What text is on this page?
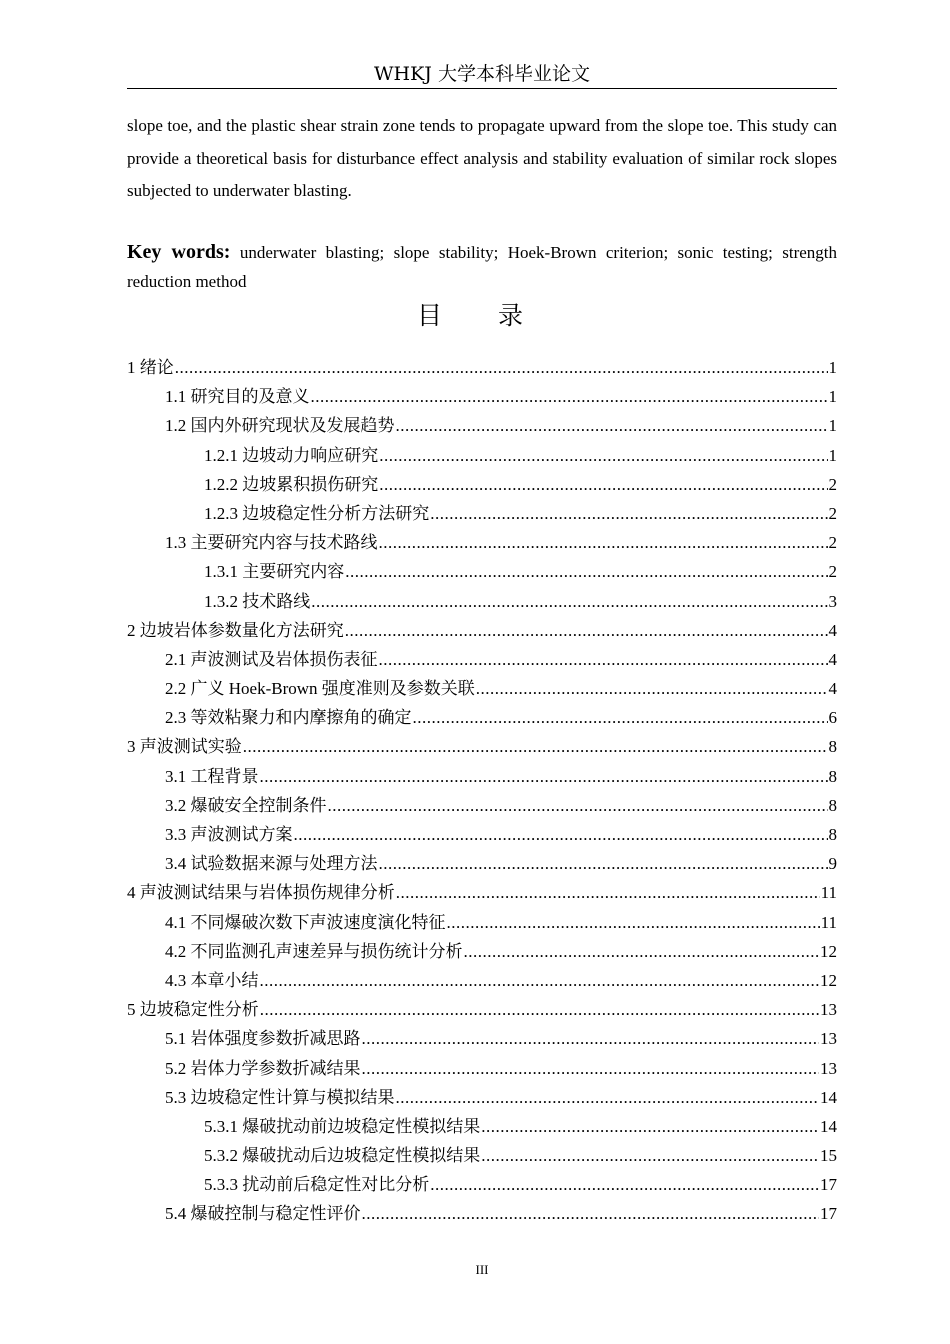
WHKJ 大学本科毕业论文

slope toe, and the plastic shear strain zone tends to propagate upward from the slope toe. This study can provide a theoretical basis for disturbance effect analysis and stability evaluation of similar rock slopes subjected to underwater blasting.

Key words: underwater blasting; slope stability; Hoek-Brown criterion; sonic testing; strength reduction method

目 录
1 绪论 .....	1
1.1 研究目的及意义 .....	1
1.2 国内外研究现状及发展趋势 .....	1
1.2.1 边坡动力响应研究 .....	1
1.2.2 边坡累积损伤研究 .....	2
1.2.3 边坡稳定性分析方法研究 .....	2
1.3 主要研究内容与技术路线 .....	2
1.3.1 主要研究内容 .....	2
1.3.2 技术路线 .....	3
2 边坡岩体参数量化方法研究 .....	4
2.1 声波测试及岩体损伤表征 .....	4
2.2 广义 Hoek-Brown 强度准则及参数关联 .....	4
2.3 等效粘聚力和内摩擦角的确定 .....	6
3 声波测试实验 .....	8
3.1 工程背景 .....	8
3.2 爆破安全控制条件 .....	8
3.3 声波测试方案 .....	8
3.4 试验数据来源与处理方法 .....	9
4 声波测试结果与岩体损伤规律分析 .....	11
4.1 不同爆破次数下声波速度演化特征 .....	11
4.2 不同监测孔声速差异与损伤统计分析 .....	12
4.3 本章小结 .....	12
5 边坡稳定性分析 .....	13
5.1 岩体强度参数折减思路 .....	13
5.2 岩体力学参数折减结果 .....	13
5.3 边坡稳定性计算与模拟结果 .....	14
5.3.1 爆破扰动前边坡稳定性模拟结果 .....	14
5.3.2 爆破扰动后边坡稳定性模拟结果 .....	15
5.3.3 扰动前后稳定性对比分析 .....	17
5.4 爆破控制与稳定性评价 .....	17
III
